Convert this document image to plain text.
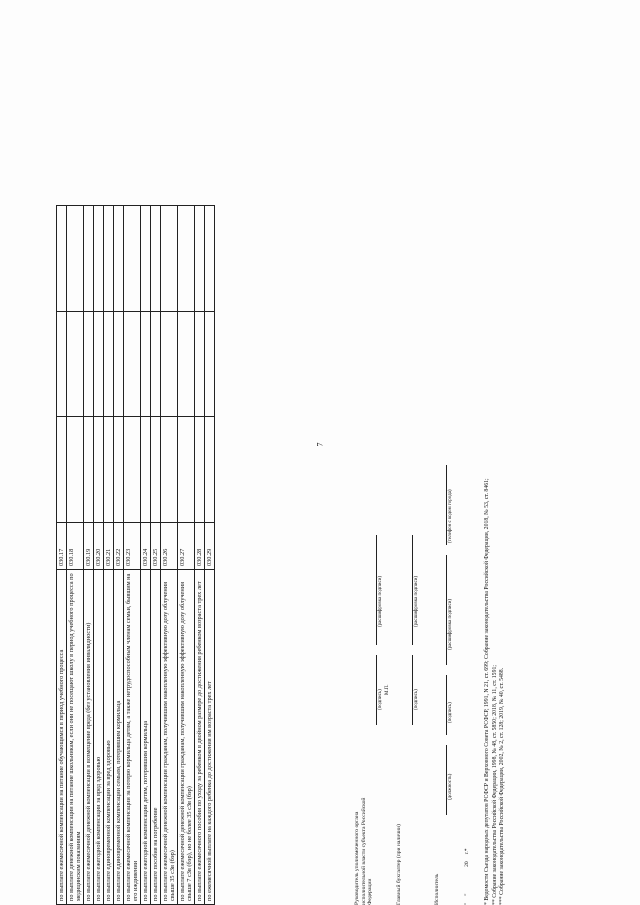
7
по выплате ежемесячной компенсации на питание обучающимся в период учебного процесса	030.17			
по выплате денежной компенсации на питание школьникам, если они не посещают школу в период учебного процесса по медицинским показаниям	030.18			
по выплате ежемесячной денежной компенсации в возмещение вреда (без установления инвалидности)	030.19			
по выплате ежегодной компенсации за вред здоровью	030.20			
по выплате единовременной компенсации за вред здоровью	030.21			
по выплате единовременной компенсации семьям, потерявшим кормильца	030.22			
по выплате ежемесячной компенсации за потерю кормильца детям, а также нетрудоспособным членам семьи, бывшим на его иждивении	030.23			
по выплате ежегодной компенсации детям, потерявшим кормильца	030.24			
по выплате пособия на погребение	030.25			
по выплате ежемесячной денежной компенсации гражданам, получившим накопленную эффективную дозу облучения свыше 35 сЗв (бэр)	030.26			
по выплате ежемесячной денежной компенсации гражданам, получившим накопленную эффективную дозу облучения свыше 7 сЗв (бэр), но не более 35 сЗв (бэр)	030.27			
по выплате ежемесячного пособия по уходу за ребенком в двойном размере до достижения ребенком возраста трех лет	030.28			
по ежемесячной выплате на каждого ребенка до достижения им возраста трех лет	030.29			
Руководитель уполномоченного органа исполнительной власти субъекта Российской Федерации
(подпись)
(расшифровка подписи)
М.П.
Главный бухгалтер (при наличии)
(подпись)
(расшифровка подписи)
Исполнитель
(должность)
(подпись)
(расшифровка подписи)
(телефон с кодом города)
"     "                   20     г.* * Ведомости Съезда народных депутатов РСФСР и Верховного Совета РСФСР, 1991, N 21, ст. 699; Собрание законодательства Российской Федерации, 2018, № 53, ст. 8461; ** Собрание законодательства Российской Федерации, 1998, № 48, ст. 5850; 2018, № 11, ст. 1591; *** Собрание законодательства Российской Федерации, 2002, № 2, ст. 128; 2019, № 40, ст. 5488.
